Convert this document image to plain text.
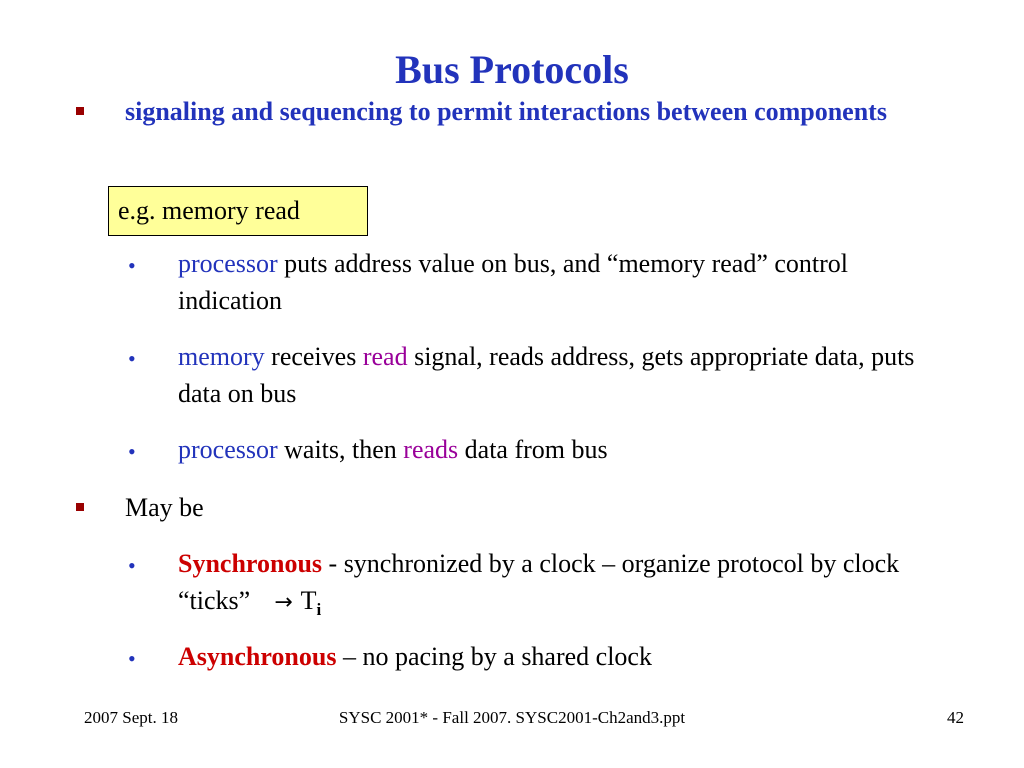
Bus Protocols
signaling and sequencing to permit interactions between components
e.g. memory read
• processor puts address value on bus, and “memory read” control indication
• memory receives read signal, reads address, gets appropriate data, puts data on bus
• processor waits, then reads data from bus
May be
• Synchronous - synchronized by a clock – organize protocol by clock “ticks” → $T_i$
• Asynchronous – no pacing by a shared clock
2007 Sept. 18	SYSC 2001* - Fall 2007. SYSC2001-Ch2and3.ppt	42
